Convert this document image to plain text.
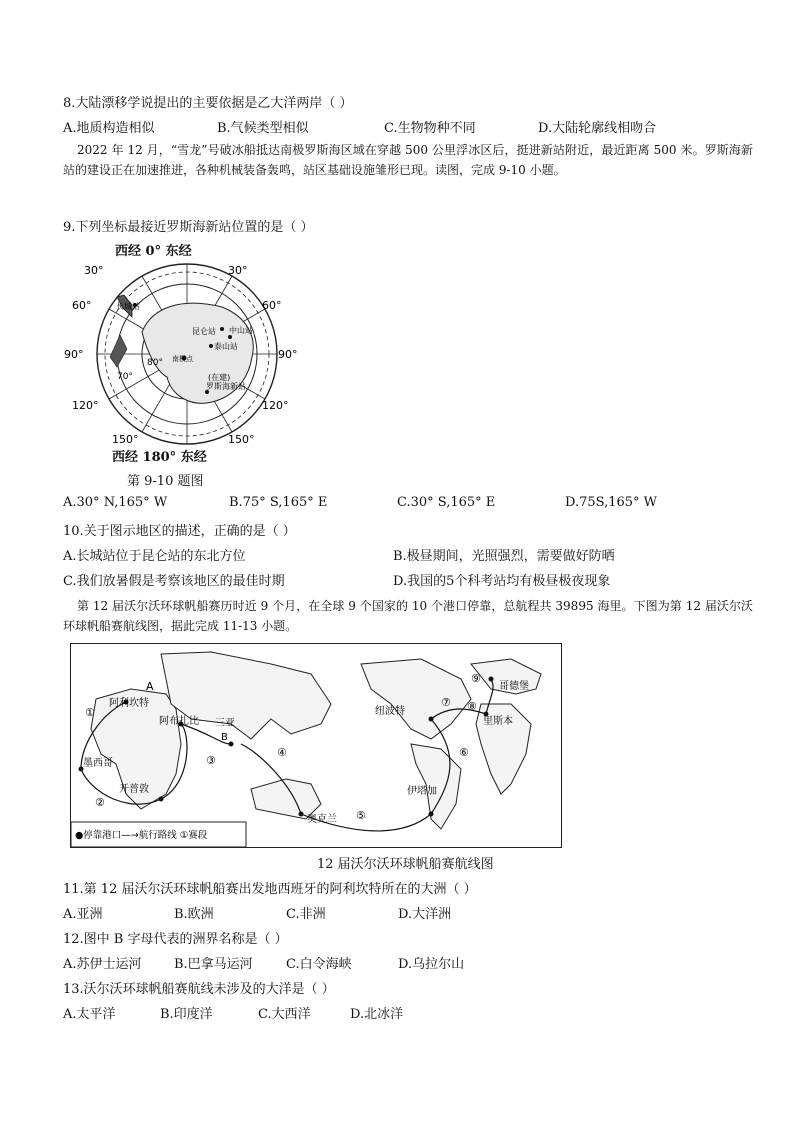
8.大陆漂移学说提出的主要依据是乙大洋两岸（ ）
A.地质构造相似	B.气候类型相似	C.生物物种不同	D.大陆轮廓线相吻合
2022 年 12 月，“雪龙”号破冰船抵达南极罗斯海区域在穿越 500 公里浮冰区后，挺进新站附近，最近距离 500 米。罗斯海新站的建设正在加速推进，各种机械装备轰鸣，站区基础设施雏形已现。读图，完成 9-10 小题。
9.下列坐标最接近罗斯海新站位置的是（ ）
30°
60°
90°
120°
150°
30°
60°
90°
120°
150°
70°
80°
长城站
昆仑站 中山站
泰山站
(在建)
罗斯海新站
南极点
西经 0° 东经
西经 180° 东经
第 9-10 题图
A.30° N,165° W	B.75° S,165° E	C.30° S,165° E	D.75S,165° W
10.关于图示地区的描述，正确的是（ ）
A.长城站位于昆仑站的东北方位	B.极昼期间，光照强烈，需要做好防晒
C.我们放暑假是考察该地区的最佳时期	D.我国的5个科考站均有极昼极夜现象
第 12 届沃尔沃环球帆船赛历时近 9 个月，在全球 9 个国家的 10 个港口停靠，总航程共 39895 海里。下图为第 12 届沃尔沃环球帆船赛航线图，据此完成 11-13 小题。
A
B
阿利坎特
开普敦
墨西哥
阿布扎比 三亚
奥克兰
伊塔加
纽波特
里斯本
哥德堡
①
②
③
④
⑤
⑥
⑦ ⑧
⑨
●停靠港口—→航行路线 ①赛段
12 届沃尔沃环球帆船赛航线图
11.第 12 届沃尔沃环球帆船赛出发地西班牙的阿利坎特所在的大洲（ ）
A.亚洲	B.欧洲	C.非洲	D.大洋洲
12.图中 B 字母代表的洲界名称是（ ）
A.苏伊士运河 B.巴拿马运河	C.白令海峡	D.乌拉尔山
13.沃尔沃环球帆船赛航线未涉及的大洋是（ ）
A.太平洋	B.印度洋	C.大西洋	D.北冰洋
